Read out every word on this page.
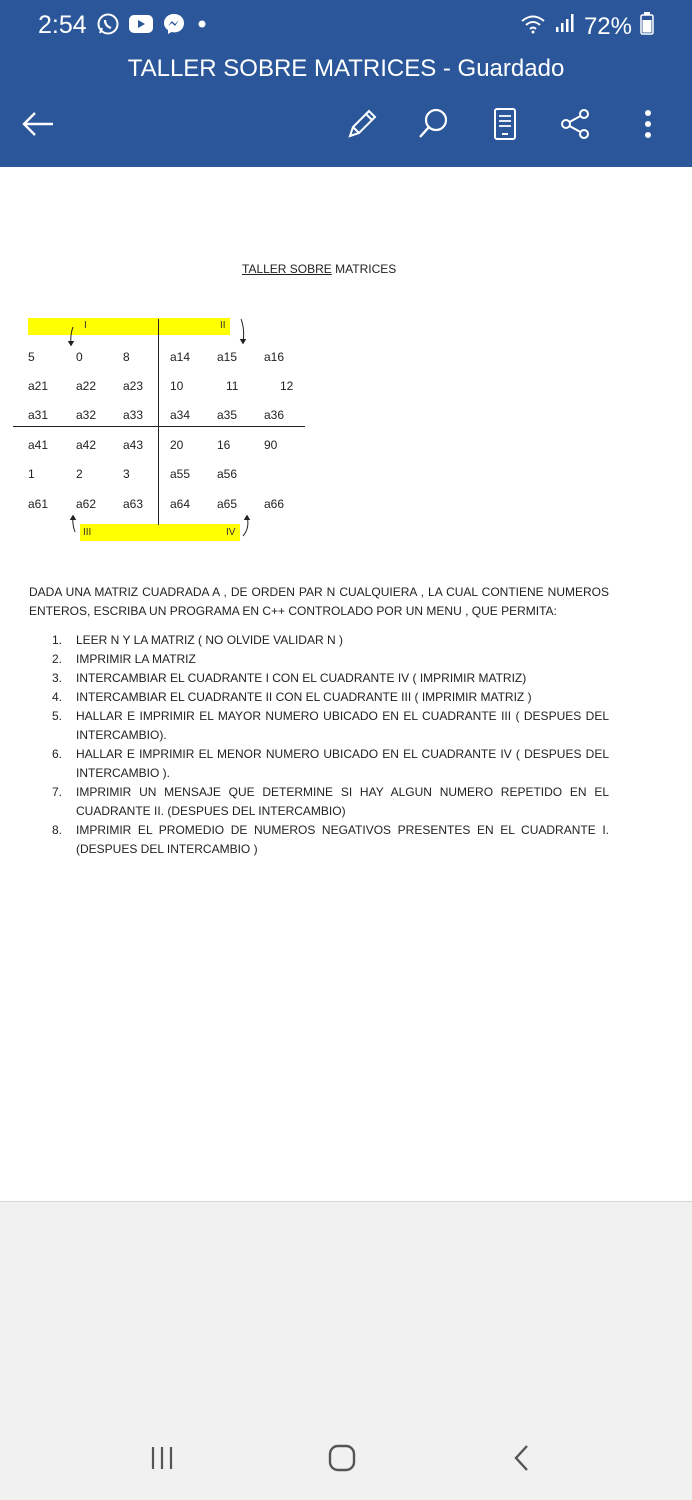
2:54	72%
TALLER SOBRE MATRICES - Guardado
TALLER SOBRE MATRICES
I	II
III	IV
5	0	8	a14 a15 a16
a21 a22 a23 10	11	12
a31 a32 a33 a34 a35 a36
a41 a42 a43 20	16	90
1	2	3	a55 a56
a61 a62 a63 a64 a65 a66

DADA UNA MATRIZ CUADRADA A , DE ORDEN PAR N CUALQUIERA , LA CUAL CONTIENE NUMEROS ENTEROS, ESCRIBA UN PROGRAMA EN C++ CONTROLADO POR UN MENU , QUE PERMITA:

1. LEER N Y LA MATRIZ ( NO OLVIDE VALIDAR N )
2. IMPRIMIR LA MATRIZ
3. INTERCAMBIAR EL CUADRANTE I CON EL CUADRANTE IV ( IMPRIMIR MATRIZ)
4. INTERCAMBIAR EL CUADRANTE II CON EL CUADRANTE III ( IMPRIMIR MATRIZ )
5. HALLAR E IMPRIMIR EL MAYOR NUMERO UBICADO EN EL CUADRANTE III ( DESPUES DEL INTERCAMBIO).
6. HALLAR E IMPRIMIR EL MENOR NUMERO UBICADO EN EL CUADRANTE IV ( DESPUES DEL INTERCAMBIO ).
7. IMPRIMIR UN MENSAJE QUE DETERMINE SI HAY ALGUN NUMERO REPETIDO EN EL CUADRANTE II. (DESPUES DEL INTERCAMBIO)
8. IMPRIMIR EL PROMEDIO DE NUMEROS NEGATIVOS PRESENTES EN EL CUADRANTE I. (DESPUES DEL INTERCAMBIO )
